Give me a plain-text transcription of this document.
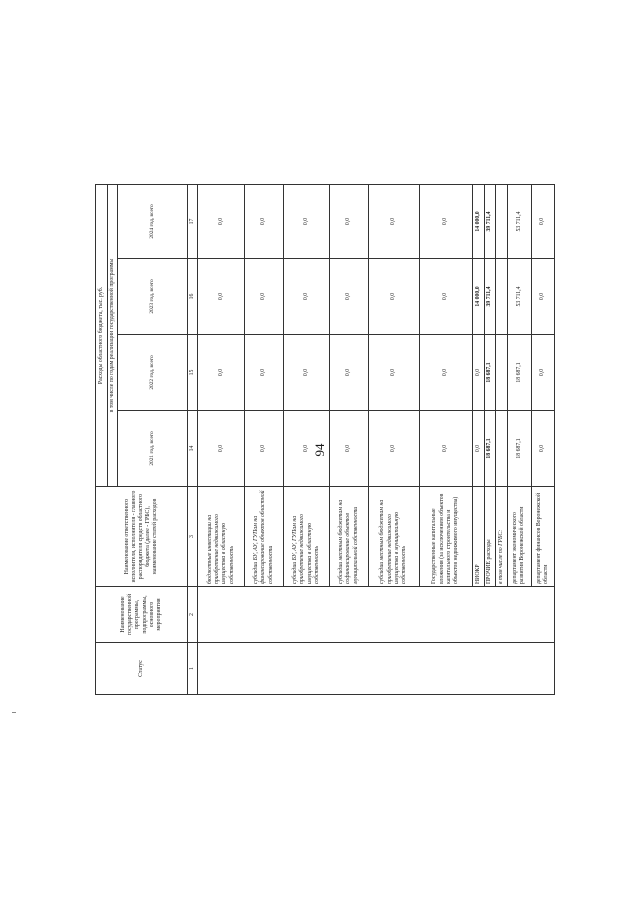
94
Статус	Наименование государственной программы, подпрограммы, основного мероприятия	Наименование ответственного исполнителя, исполнителя - главного распорядителя средств областного бюджета (далее - ГРБС), наименование статей расходов	Расходы областного бюджета, тыс. руб.			
			в том числе по годам реализации государственной программы			
			2021 год, всего	2022 год, всего	2023 год, всего	2024 год, всего
1	2	3	14	15	16	17
		бюджетные инвестиции на приобретение недвижимого имущества в областную собственность	0,0	0,0	0,0	0,0
		субсидии БУ, АУ, ГУПам на финансирование объектов областной собственности	0,0	0,0	0,0	0,0
		субсидии БУ, АУ, ГУПам на приобретение недвижимого имущества в областную собственность	0,0	0,0	0,0	0,0
		субсидии местным бюджетам на софинансирование объектов муниципальной собственности	0,0	0,0	0,0	0,0
		субсидии местным бюджетам на приобретение недвижимого имущества в муниципальную собственность	0,0	0,0	0,0	0,0
		Государственные капитальные вложения (за исключением объектов капитального строительства и объектов недвижимого имущества)	0,0	0,0	0,0	0,0
		НИОКР	0,0	0,0	14 000,0	14 000,0
		ПРОЧИЕ расходы	18 687,1	18 687,1	39 711,4	39 711,4
		в том числе по ГРБС:				
		департамент экономического развития Воронежской области	18 687,1	18 687,1	53 711,4	53 711,4
		департамент финансов Воронежской области	0,0	0,0	0,0	0,0
